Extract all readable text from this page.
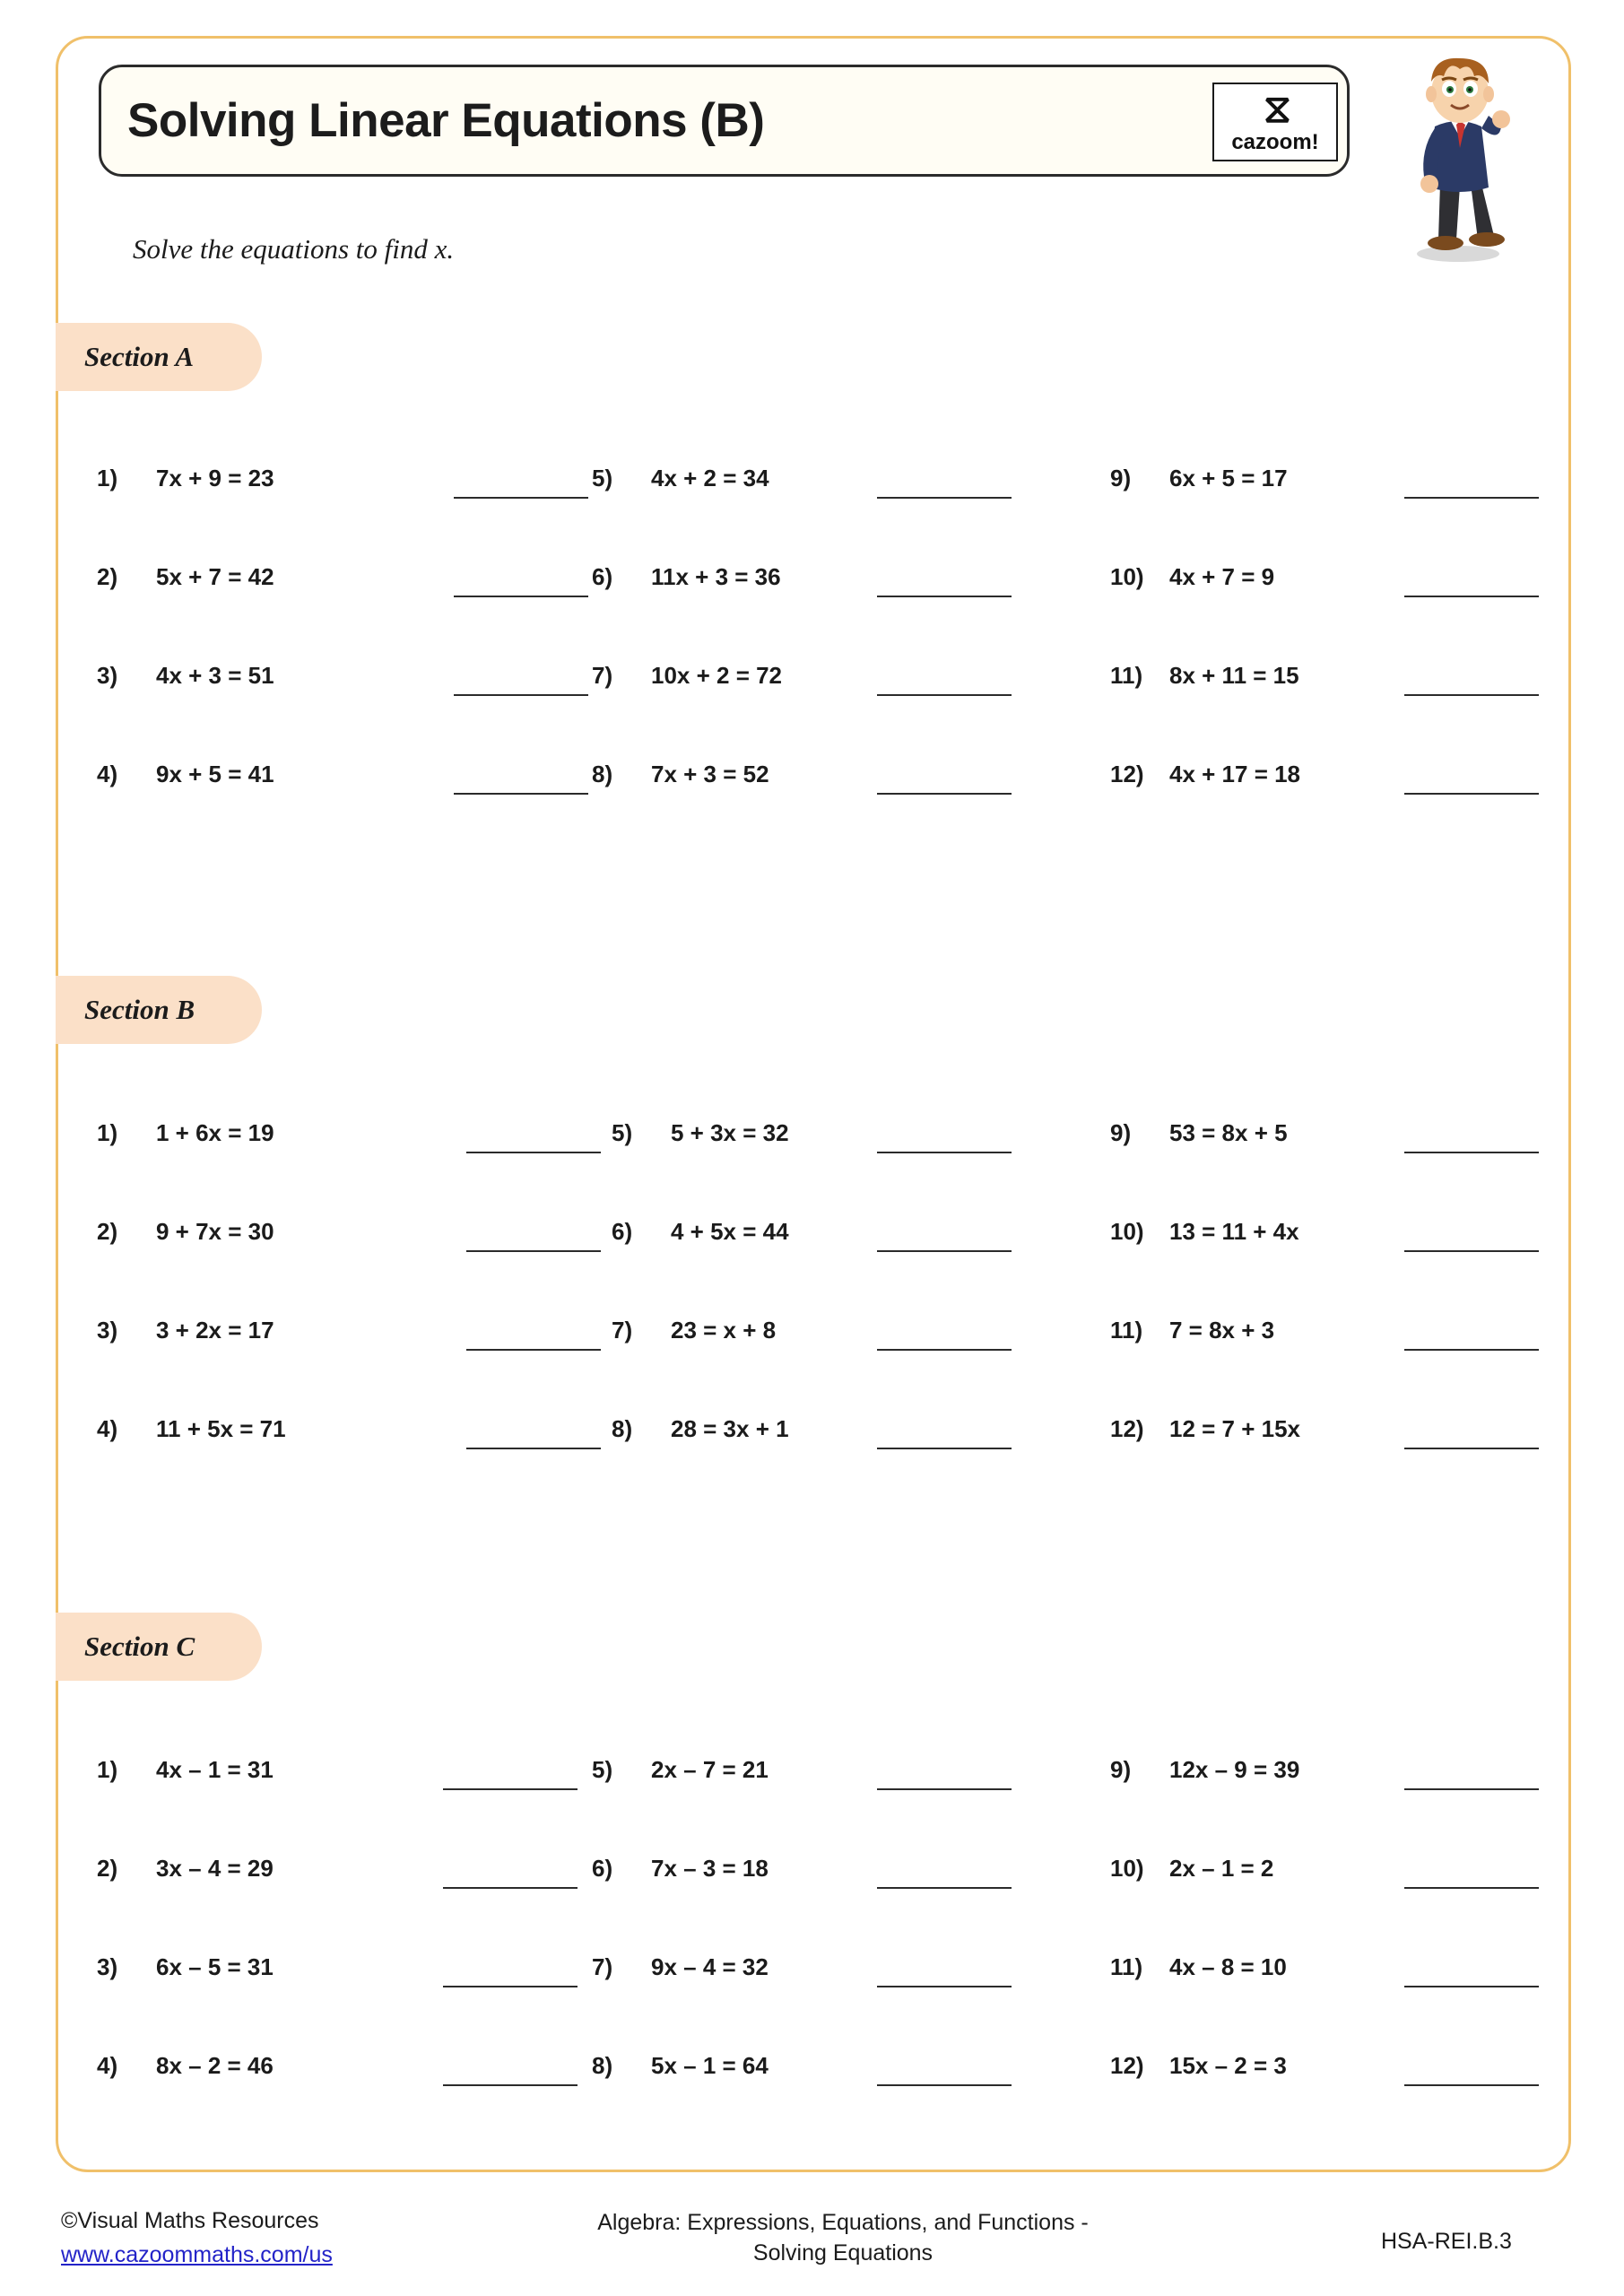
Solving Linear Equations (B)	⧖
cazoom!
Solve the equations to find x.
Section A
1)	7x + 9 = 23
2)	5x + 7 = 42
3)	4x + 3 = 51
4)	9x + 5 = 41
5)	4x + 2 = 34
6)	11x + 3 = 36
7)	10x + 2 = 72
8)	7x + 3 = 52
9)	6x + 5 = 17
10)	4x + 7 = 9
11)	8x + 11 = 15
12)	4x + 17 = 18
Section B
1)	1 + 6x = 19
2)	9 + 7x = 30
3)	3 + 2x = 17
4)	11 + 5x = 71
5)	5 + 3x = 32
6)	4 + 5x = 44
7)	23 = x + 8
8)	28 = 3x + 1
9)	53 = 8x + 5
10)	13 = 11 + 4x
11)	7 = 8x + 3
12)	12 = 7 + 15x
Section C
1)	4x – 1 = 31
2)	3x – 4 = 29
3)	6x – 5 = 31
4)	8x – 2 = 46
5)	2x – 7 = 21
6)	7x – 3 = 18
7)	9x – 4 = 32
8)	5x – 1 = 64
9)	12x – 9 = 39
10)	2x – 1 = 2
11)	4x – 8 = 10
12)	15x – 2 = 3
©Visual Maths Resources
www.cazoommaths.com/us
Algebra: Expressions, Equations, and Functions - Solving Equations	HSA-REI.B.3
